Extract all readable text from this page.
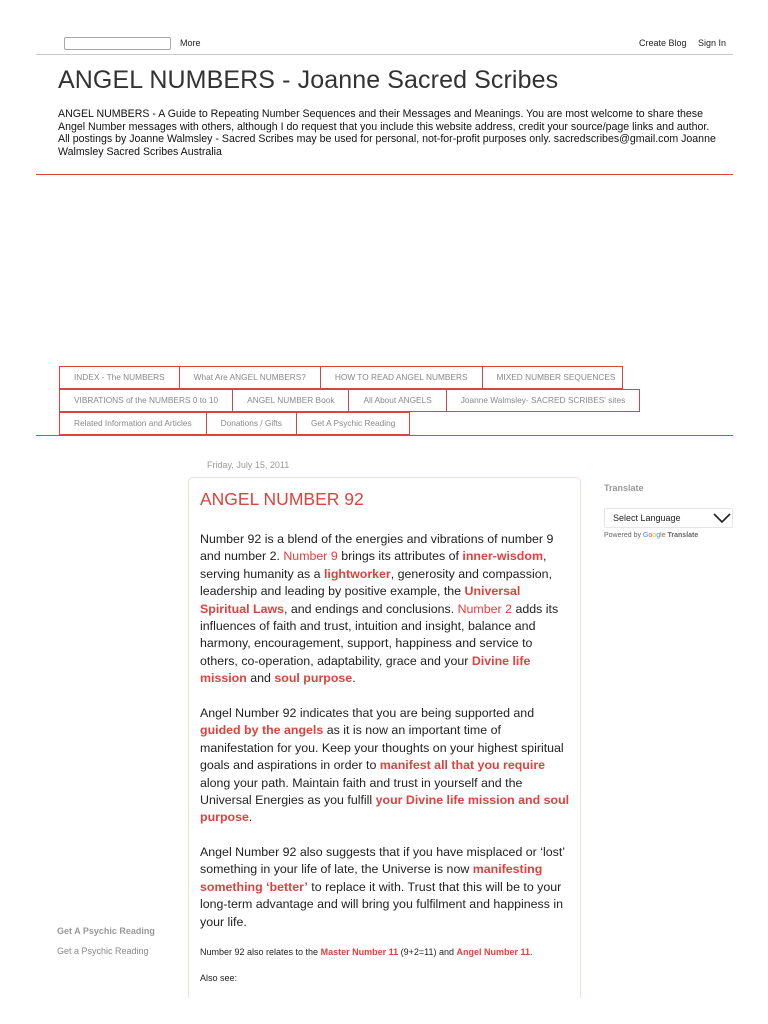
More	Create Blog Sign In
ANGEL NUMBERS - Joanne Sacred Scribes
ANGEL NUMBERS - A Guide to Repeating Number Sequences and their Messages and Meanings. You are most welcome to share these Angel Number messages with others, although I do request that you include this website address, credit your source/page links and author. All postings by Joanne Walmsley - Sacred Scribes may be used for personal, not-for-profit purposes only. sacredscribes@gmail.com Joanne Walmsley Sacred Scribes Australia
INDEX - The NUMBERS	What Are ANGEL NUMBERS?	HOW TO READ ANGEL NUMBERS	MIXED NUMBER SEQUENCES
VIBRATIONS of the NUMBERS 0 to 10	ANGEL NUMBER Book	All About ANGELS	Joanne Walmsley- SACRED SCRIBES' sites
Related Information and Articles	Donations / Gifts	Get A Psychic Reading
Friday, July 15, 2011
ANGEL NUMBER 92
Number 92 is a blend of the energies and vibrations of number 9 and number 2. Number 9 brings its attributes of inner-wisdom, serving humanity as a lightworker, generosity and compassion, leadership and leading by positive example, the Universal Spiritual Laws, and endings and conclusions. Number 2 adds its influences of faith and trust, intuition and insight, balance and harmony, encouragement, support, happiness and service to others, co-operation, adaptability, grace and your Divine life mission and soul purpose.
Angel Number 92 indicates that you are being supported and guided by the angels as it is now an important time of manifestation for you. Keep your thoughts on your highest spiritual goals and aspirations in order to manifest all that you require along your path. Maintain faith and trust in yourself and the Universal Energies as you fulfill your Divine life mission and soul purpose.
Angel Number 92 also suggests that if you have misplaced or ‘lost’ something in your life of late, the Universe is now manifesting something ‘better’ to replace it with. Trust that this will be to your long-term advantage and will bring you fulfilment and happiness in your life.
Number 92 also relates to the Master Number 11 (9+2=11) and Angel Number 11.
Also see:
Translate
Select Language
Powered by Google Translate
Get A Psychic Reading
Get a Psychic Reading
